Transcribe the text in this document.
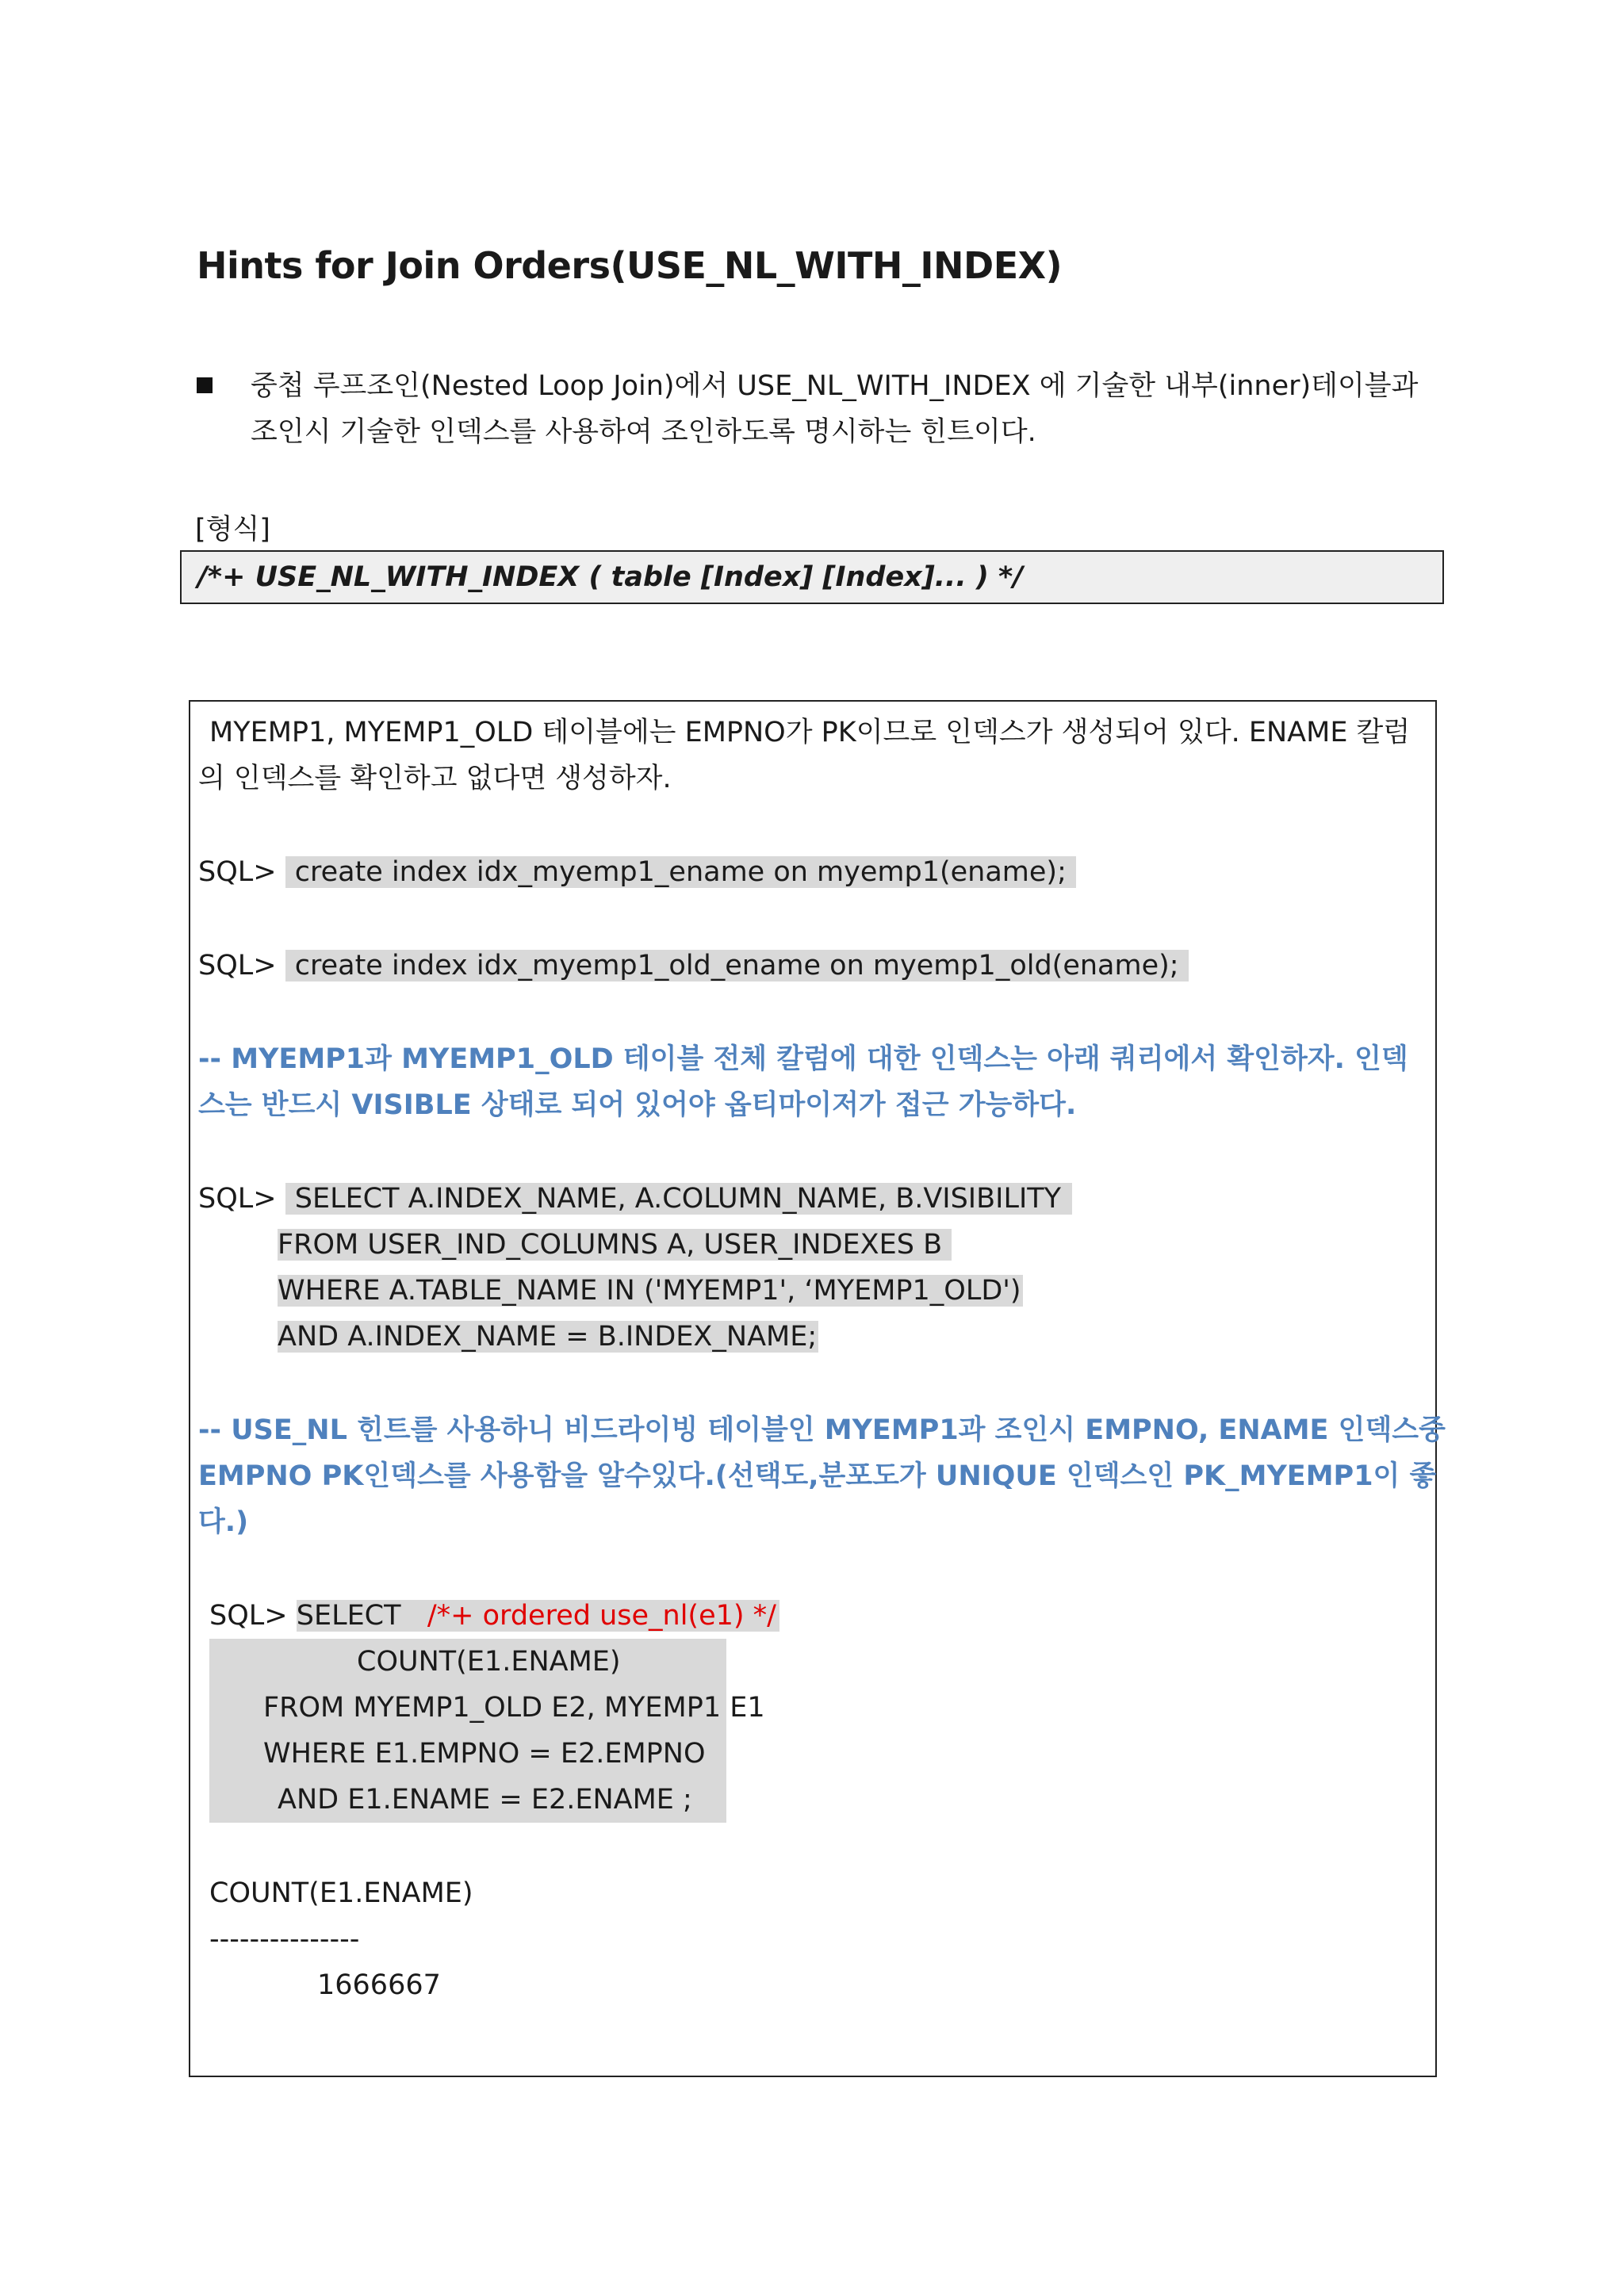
Hints for Join Orders(USE_NL_WITH_INDEX)
중첩 루프조인(Nested Loop Join)에서 USE_NL_WITH_INDEX 에 기술한 내부(inner)테이블과
조인시 기술한 인덱스를 사용하여 조인하도록 명시하는 힌트이다.
[형식]
/*+ USE_NL_WITH_INDEX ( table [Index] [Index]... ) */
MYEMP1, MYEMP1_OLD 테이블에는 EMPNO가 PK이므로 인덱스가 생성되어 있다. ENAME 칼럼
의 인덱스를 확인하고 없다면 생성하자.
SQL> create index idx_myemp1_ename on myemp1(ename);
SQL> create index idx_myemp1_old_ename on myemp1_old(ename);
-- MYEMP1과 MYEMP1_OLD 테이블 전체 칼럼에 대한 인덱스는 아래 쿼리에서 확인하자. 인덱
스는 반드시 VISIBLE 상태로 되어 있어야 옵티마이저가 접근 가능하다.
SQL> SELECT A.INDEX_NAME, A.COLUMN_NAME, B.VISIBILITY
FROM USER_IND_COLUMNS A, USER_INDEXES B
WHERE A.TABLE_NAME IN ('MYEMP1', ‘MYEMP1_OLD')
AND A.INDEX_NAME = B.INDEX_NAME;
-- USE_NL 힌트를 사용하니 비드라이빙 테이블인 MYEMP1과 조인시 EMPNO, ENAME 인덱스중
EMPNO PK인덱스를 사용함을 알수있다.(선택도,분포도가 UNIQUE 인덱스인 PK_MYEMP1이 좋
다.)
SQL> SELECT /*+ ordered use_nl(e1) */
COUNT(E1.ENAME)
FROM MYEMP1_OLD E2, MYEMP1 E1
WHERE E1.EMPNO = E2.EMPNO
AND E1.ENAME = E2.ENAME ;
COUNT(E1.ENAME)
---------------
1666667
